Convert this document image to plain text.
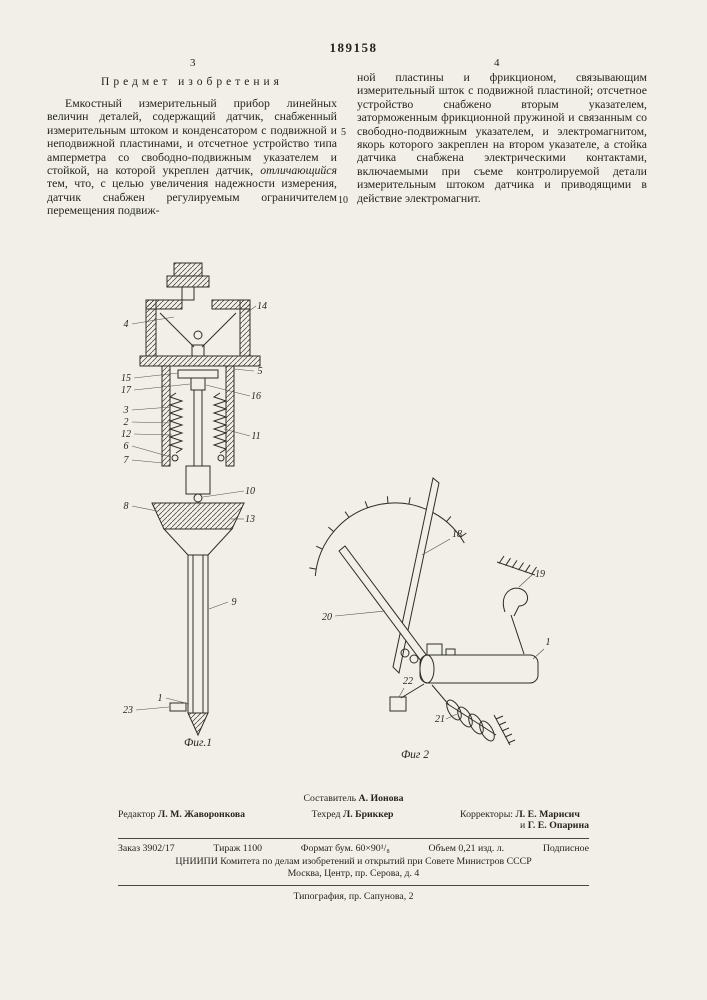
189158
3	4
Предмет изобретения

Емкостный измерительный прибор линейных величин деталей, содержащий датчик, снабженный измерительным штоком и конденсатором с подвижной и неподвижной пластинами, и отсчетное устройство типа амперметра со свободно-подвижным указателем и стойкой, на которой укреплен датчик, отличающийся тем, что, с целью увеличения надежности измерения, датчик снабжен регулируемым ограничителем перемещения подвиж-

5
10

ной пластины и фрикционом, связывающим измерительный шток с подвижной пластиной; отсчетное устройство снабжено вторым указателем, заторможенным фрикционной пружиной и связанным со свободно-подвижным указателем, и электромагнитом, якорь которого закреплен на втором указателе, а стойка датчика снабжена электрическими контактами, включаемыми при съеме контролируемой детали измерительным штоком датчика и приводящими в действие электромагнит.

4
14
15
17
5
16
3
2
12	11
6
7
10
8
13
9
1
23
Фиг.1
18
19
20
1
22
21
Фиг 2
Составитель А. Ионова
Редактор Л. М. Жаворонкова	Техред Л. Бриккер	Корректоры: Л. Е. Марисич
и Г. Е. Опарина
Заказ 3902/17	Тираж 1100	Формат бум. 60×90¹/₈	Объем 0,21 изд. л.	Подписное
ЦНИИПИ Комитета по делам изобретений и открытий при Совете Министров СССР
Москва, Центр, пр. Серова, д. 4
Типография, пр. Сапунова, 2
